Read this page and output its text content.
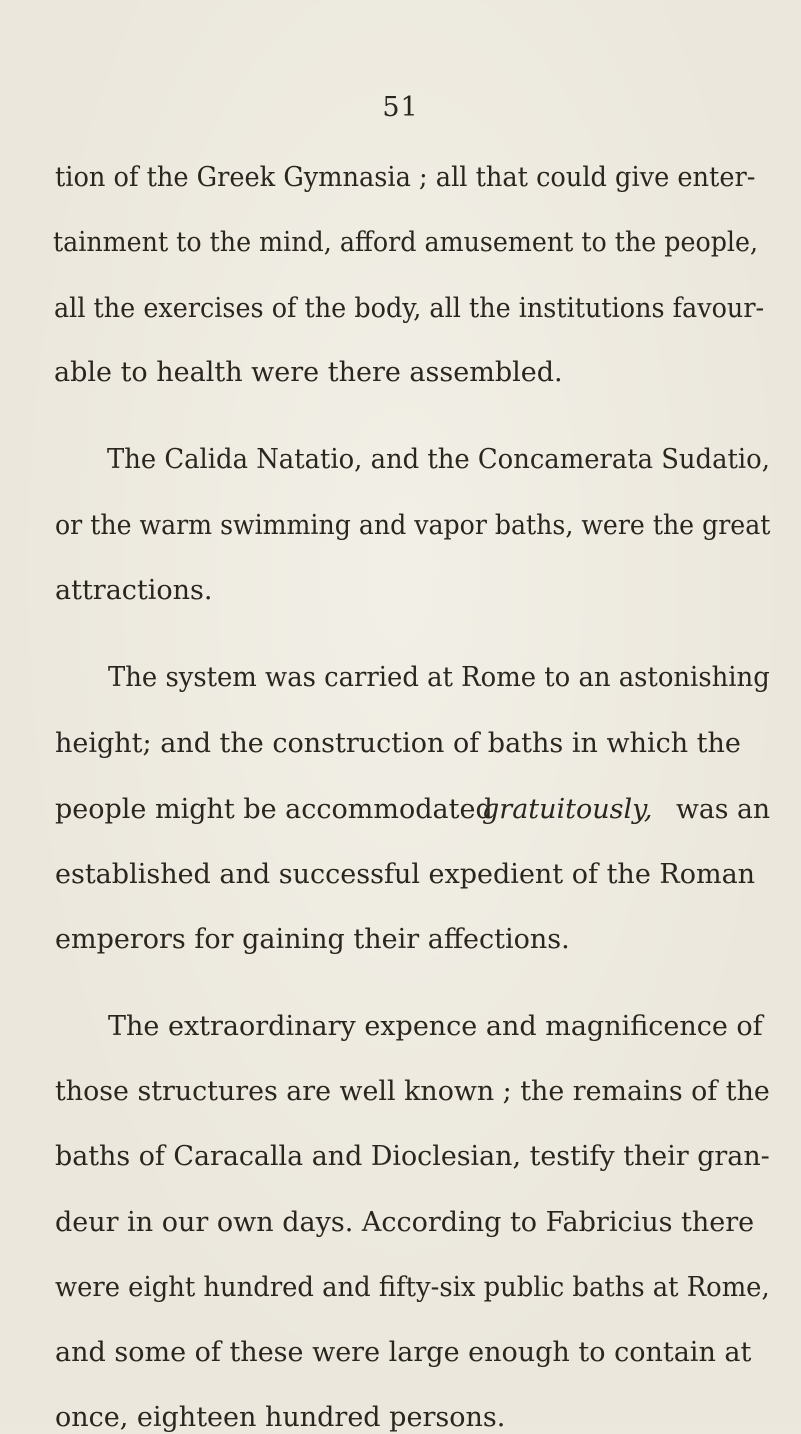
51
tion of the Greek Gymnasia ; all that could give enter-
tainment to the mind, afford amusement to the people,
all the exercises of the body, all the institutions favour-
able to health were there assembled.
The Calida Natatio, and the Concamerata Sudatio,
or the warm swimming and vapor baths, were the great
attractions.
The system was carried at Rome to an astonishing
height; and the construction of baths in which the
people might be accommodated
gratuitously, was an
established and successful expedient of the Roman
emperors for gaining their affections.
The extraordinary expence and magnificence of
those structures are well known ; the remains of the
baths of Caracalla and Dioclesian, testify their gran-
deur in our own days. According to Fabricius there
were eight hundred and fifty-six public baths at Rome,
and some of these were large enough to contain at
once, eighteen hundred persons.
